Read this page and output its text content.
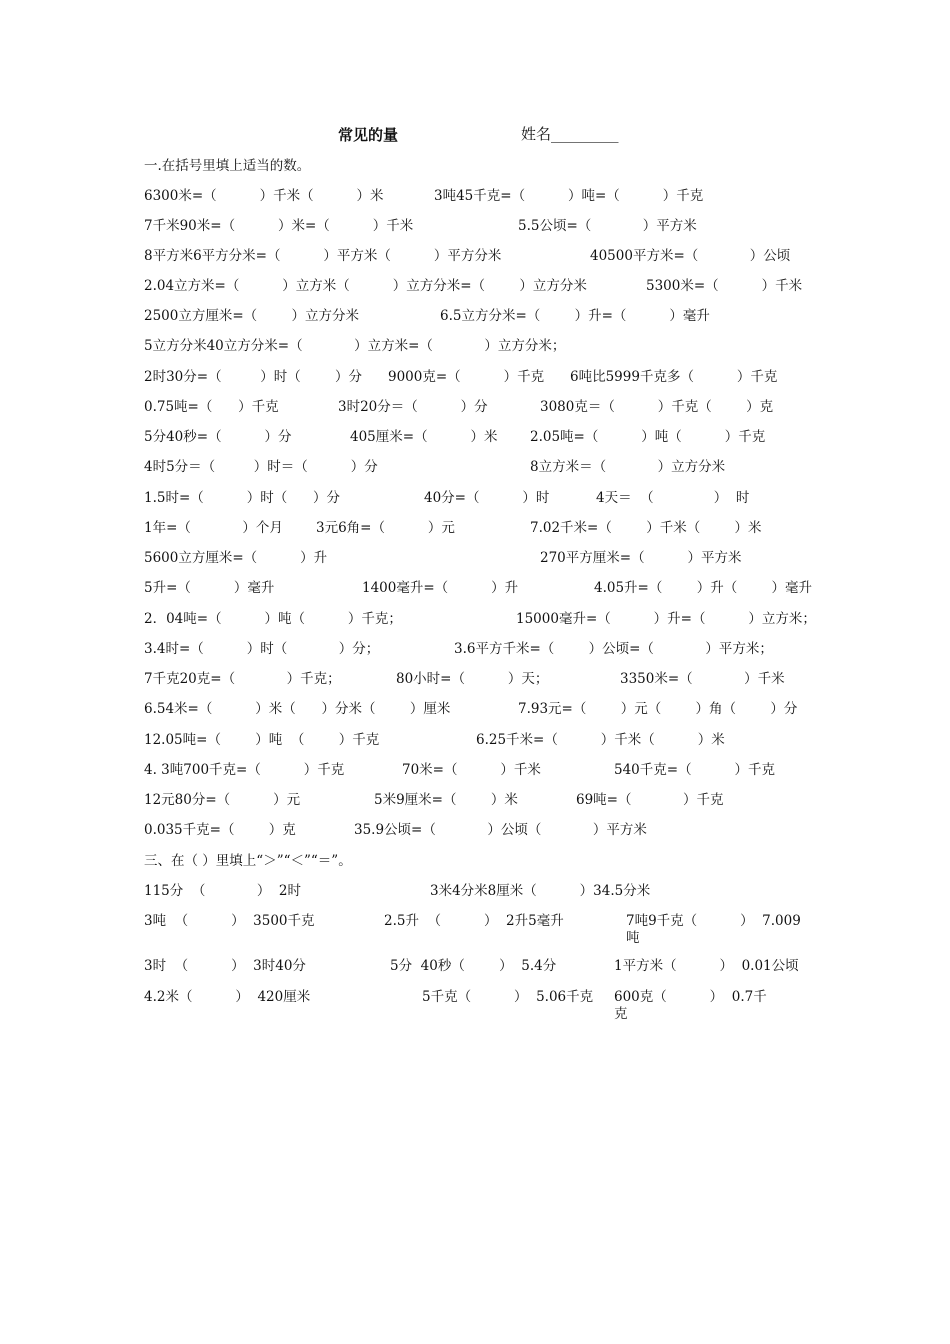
常见的量	姓名_________
一.在括号里填上适当的数。
6300米=（          ）千米（          ）米	3吨45千克=（          ）吨=（          ）千克
7千米90米=（          ）米=（          ）千米	5.5公顷=（            ）平方米
8平方米6平方分米=（          ）平方米（          ）平方分米	40500平方米=（            ）公顷
2.04立方米=（          ）立方米（          ）立方分米=（        ）立方分米	5300米=（          ）千米
2500立方厘米=（        ）立方分米	6.5立方分米=（        ）升=（          ）毫升
5立方分米40立方分米=（            ）立方米=（            ）立方分米；
2时30分=（         ）时（        ）分 9000克=（          ）千克 6吨比5999千克多（          ）千克
0.75吨=（      ）千克	3时20分＝（          ）分	3080克＝（          ）千克（        ）克
5分40秒=（          ）分	405厘米=（          ）米 2.05吨=（          ）吨（          ）千克
4时5分＝（         ）时＝（          ）分	8立方米＝（            ）立方分米
1.5时=（          ）时（      ）分	40分=（          ）时	4天＝  （              ）  时
1年=（            ）个月 3元6角=（          ）元	7.02千米=（        ）千米（        ）米
5600立方厘米=（          ）升	270平方厘米=（          ）平方米
5升=（          ）毫升	1400毫升=（          ）升	4.05升=（        ）升（        ）毫升
2．04吨=（          ）吨（          ）千克；	15000毫升=（          ）升=（          ）立方米；
3.4时=（          ）时（            ）分；	3.6平方千米=（        ）公顷=（            ）平方米；
7千克20克=（            ）千克；	80小时=（          ）天；	3350米=（            ）千米
6.54米=（          ）米（      ）分米（        ）厘米	7.93元=（        ）元（        ）角（        ）分
12.05吨=（        ）吨  （        ）千克	6.25千米=（          ）千米（          ）米
4. 3吨700千克=（          ）千克	70米=（          ）千米	540千克=（          ）千克
12元80分=（          ）元	5米9厘米=（        ）米	69吨=（            ）千克
0.035千克=（        ）克	35.9公顷=（            ）公顷（            ）平方米
三、在（ ）里填上“＞”“＜”“＝”。
115分  （            ）  2时	3米4分米8厘米（          ）34.5分米
3吨  （          ）  3500千克	2.5升  （          ）  2升5毫升	7吨9千克（          ）  7.009
吨
3时  （          ）  3时40分	5分  40秒（        ）  5.4分	1平方米（          ）  0.01公顷
4.2米（          ）  420厘米	5千克（          ）  5.06千克 600克（          ）  0.7千
克
